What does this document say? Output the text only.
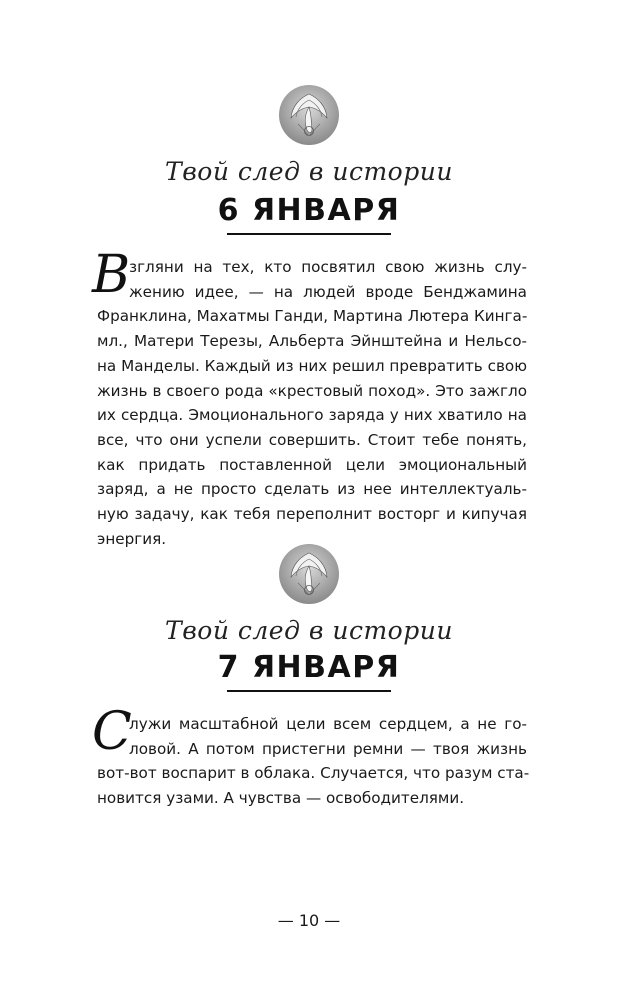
Твой след в истории
6 ЯНВАРЯ
В
згляни на тех, кто посвятил свою жизнь слу-
жению идее, — на людей вроде Бенджамина
Франклина, Махатмы Ганди, Мартина Лютера Кинга-
мл., Матери Терезы, Альберта Эйнштейна и Нельсо-
на Манделы. Каждый из них решил превратить свою
жизнь в своего рода «крестовый поход». Это зажгло
их сердца. Эмоционального заряда у них хватило на
все, что они успели совершить. Стоит тебе понять,
как придать поставленной цели эмоциональный
заряд, а не просто сделать из нее интеллектуаль-
ную задачу, как тебя переполнит восторг и кипучая
энергия.
Твой след в истории
7 ЯНВАРЯ
С
лужи масштабной цели всем сердцем, а не го-
ловой. А потом пристегни ремни — твоя жизнь
вот-вот воспарит в облака. Случается, что разум ста-
новится узами. А чувства — освободителями.
— 10 —
